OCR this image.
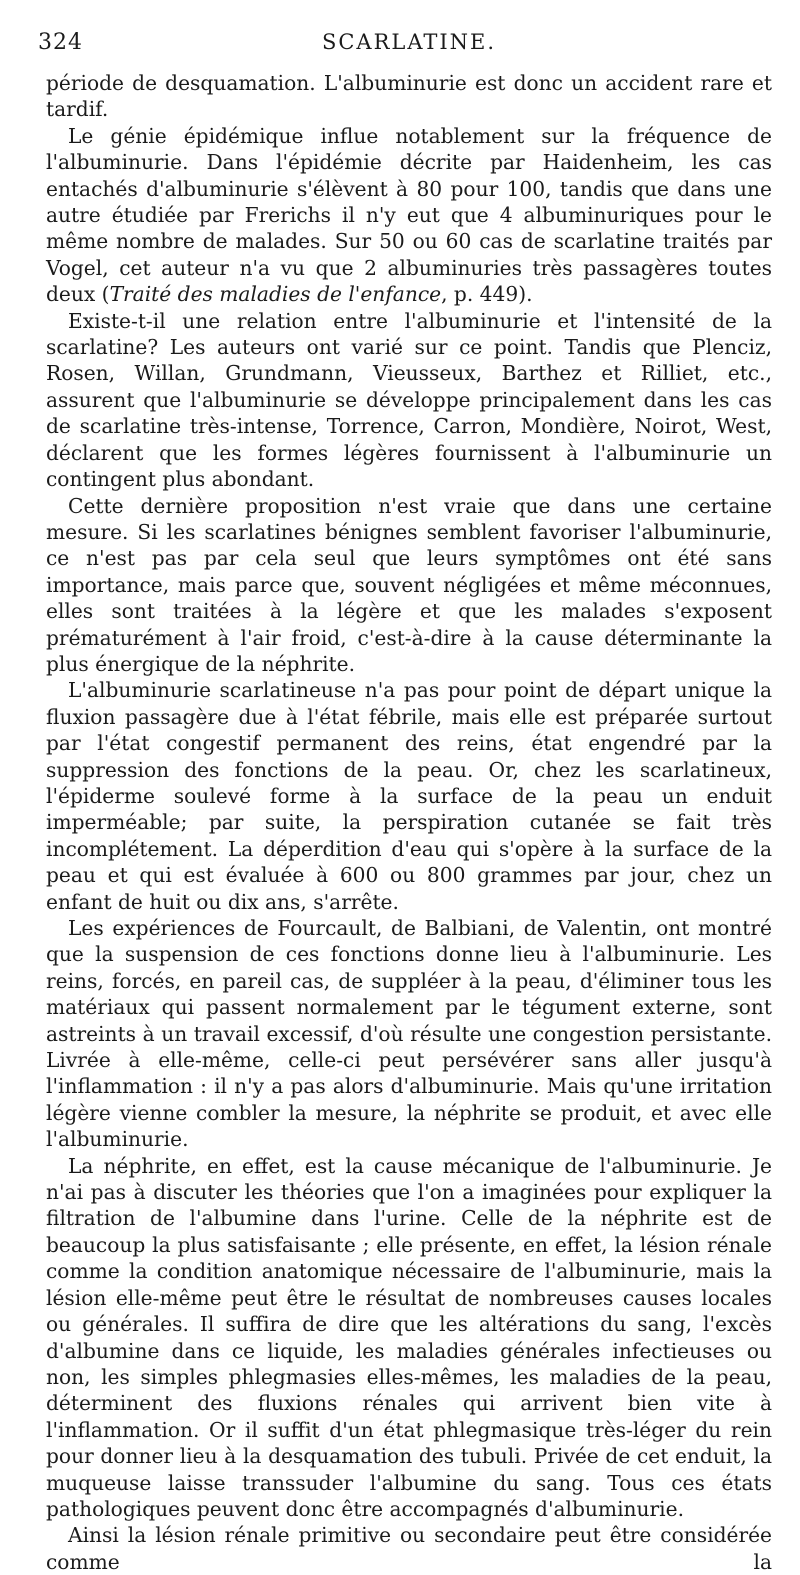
324	SCARLATINE.

période de desquamation. L'albuminurie est donc un accident rare et tardif.

Le génie épidémique influe notablement sur la fréquence de l'albuminurie. Dans l'épidémie décrite par Haidenheim, les cas entachés d'albuminurie s'élèvent à 80 pour 100, tandis que dans une autre étudiée par Frerichs il n'y eut que 4 albuminuriques pour le même nombre de malades. Sur 50 ou 60 cas de scarlatine traités par Vogel, cet auteur n'a vu que 2 albuminuries très passagères toutes deux (Traité des maladies de l'enfance, p. 449).

Existe-t-il une relation entre l'albuminurie et l'intensité de la scarlatine? Les auteurs ont varié sur ce point. Tandis que Plenciz, Rosen, Willan, Grundmann, Vieusseux, Barthez et Rilliet, etc., assurent que l'albuminurie se développe principalement dans les cas de scarlatine très-intense, Torrence, Carron, Mondière, Noirot, West, déclarent que les formes légères fournissent à l'albuminurie un contingent plus abondant.

Cette dernière proposition n'est vraie que dans une certaine mesure. Si les scarlatines bénignes semblent favoriser l'albuminurie, ce n'est pas par cela seul que leurs symptômes ont été sans importance, mais parce que, souvent négligées et même méconnues, elles sont traitées à la légère et que les malades s'exposent prématurément à l'air froid, c'est-à-dire à la cause déterminante la plus énergique de la néphrite.

L'albuminurie scarlatineuse n'a pas pour point de départ unique la fluxion passagère due à l'état fébrile, mais elle est préparée surtout par l'état congestif permanent des reins, état engendré par la suppression des fonctions de la peau. Or, chez les scarlatineux, l'épiderme soulevé forme à la surface de la peau un enduit imperméable; par suite, la perspiration cutanée se fait très incomplétement. La déperdition d'eau qui s'opère à la surface de la peau et qui est évaluée à 600 ou 800 grammes par jour, chez un enfant de huit ou dix ans, s'arrête.

Les expériences de Fourcault, de Balbiani, de Valentin, ont montré que la suspension de ces fonctions donne lieu à l'albuminurie. Les reins, forcés, en pareil cas, de suppléer à la peau, d'éliminer tous les matériaux qui passent normalement par le tégument externe, sont astreints à un travail excessif, d'où résulte une congestion persistante. Livrée à elle-même, celle-ci peut persévérer sans aller jusqu'à l'inflammation : il n'y a pas alors d'albuminurie. Mais qu'une irritation légère vienne combler la mesure, la néphrite se produit, et avec elle l'albuminurie.

La néphrite, en effet, est la cause mécanique de l'albuminurie. Je n'ai pas à discuter les théories que l'on a imaginées pour expliquer la filtration de l'albumine dans l'urine. Celle de la néphrite est de beaucoup la plus satisfaisante ; elle présente, en effet, la lésion rénale comme la condition anatomique nécessaire de l'albuminurie, mais la lésion elle-même peut être le résultat de nombreuses causes locales ou générales. Il suffira de dire que les altérations du sang, l'excès d'albumine dans ce liquide, les maladies générales infectieuses ou non, les simples phlegmasies elles-mêmes, les maladies de la peau, déterminent des fluxions rénales qui arrivent bien vite à l'inflammation. Or il suffit d'un état phlegmasique très-léger du rein pour donner lieu à la desquamation des tubuli. Privée de cet enduit, la muqueuse laisse transsuder l'albumine du sang. Tous ces états pathologiques peuvent donc être accompagnés d'albuminurie.

Ainsi la lésion rénale primitive ou secondaire peut être considérée comme la
